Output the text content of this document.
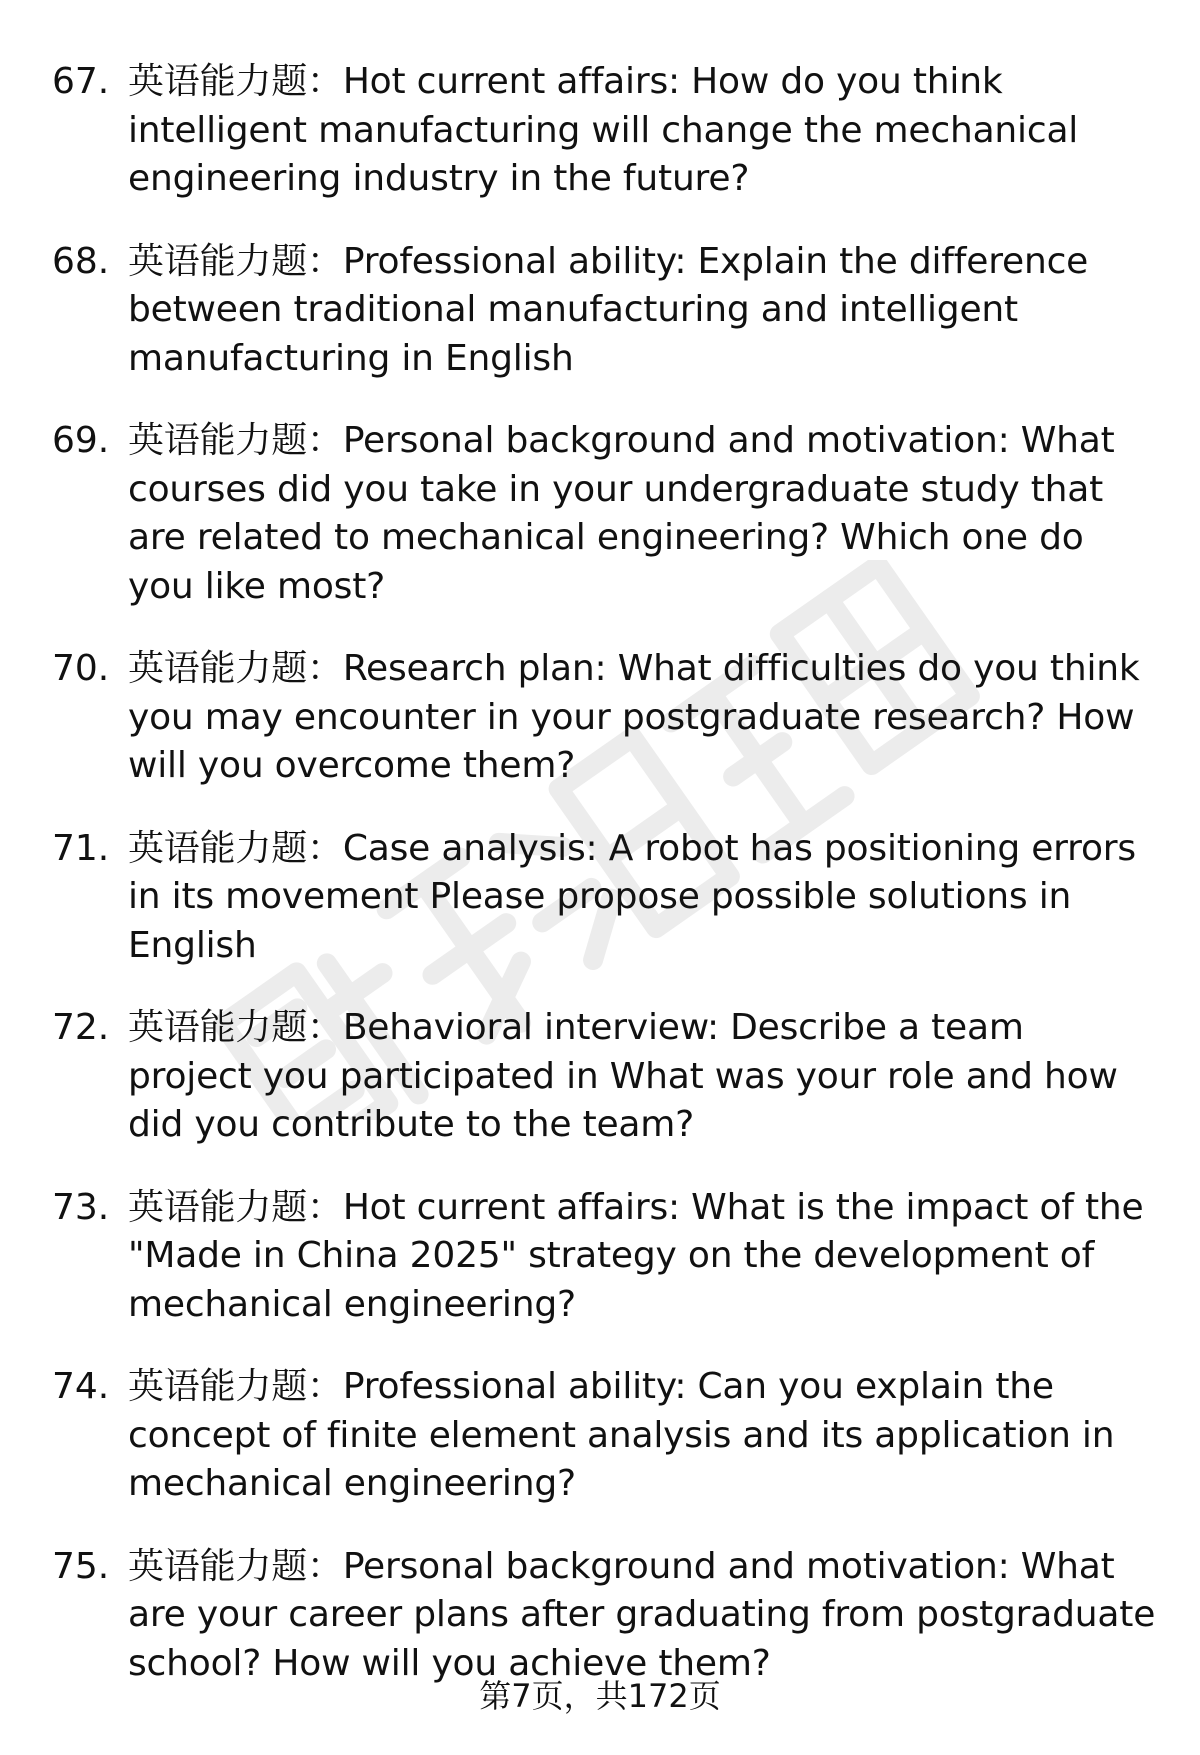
67. 英语能力题：Hot current affairs: How do you think intelligent manufacturing will change the mechanical engineering industry in the future?
68. 英语能力题：Professional ability: Explain the difference between traditional manufacturing and intelligent manufacturing in English
69. 英语能力题：Personal background and motivation: What courses did you take in your undergraduate study that are related to mechanical engineering? Which one do you like most?
70. 英语能力题：Research plan: What difficulties do you think you may encounter in your postgraduate research? How will you overcome them?
71. 英语能力题：Case analysis: A robot has positioning errors in its movement Please propose possible solutions in English
72. 英语能力题：Behavioral interview: Describe a team project you participated in What was your role and how did you contribute to the team?
73. 英语能力题：Hot current affairs: What is the impact of the "Made in China 2025" strategy on the development of mechanical engineering?
74. 英语能力题：Professional ability: Can you explain the concept of finite element analysis and its application in mechanical engineering?
75. 英语能力题：Personal background and motivation: What are your career plans after graduating from postgraduate school? How will you achieve them?
第7页，共172页
